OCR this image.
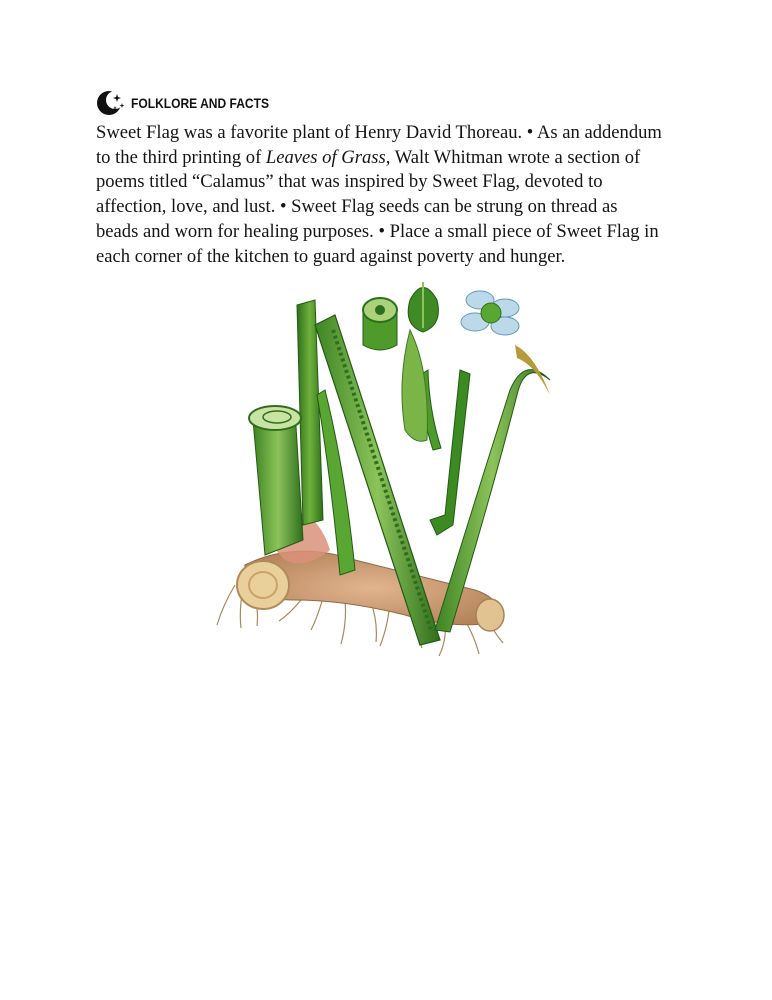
FOLKLORE AND FACTS
Sweet Flag was a favorite plant of Henry David Thoreau. • As an addendum
to the third printing of Leaves of Grass, Walt Whitman wrote a section of
poems titled “Calamus” that was inspired by Sweet Flag, devoted to
affection, love, and lust. • Sweet Flag seeds can be strung on thread as
beads and worn for healing purposes. • Place a small piece of Sweet Flag in
each corner of the kitchen to guard against poverty and hunger.
